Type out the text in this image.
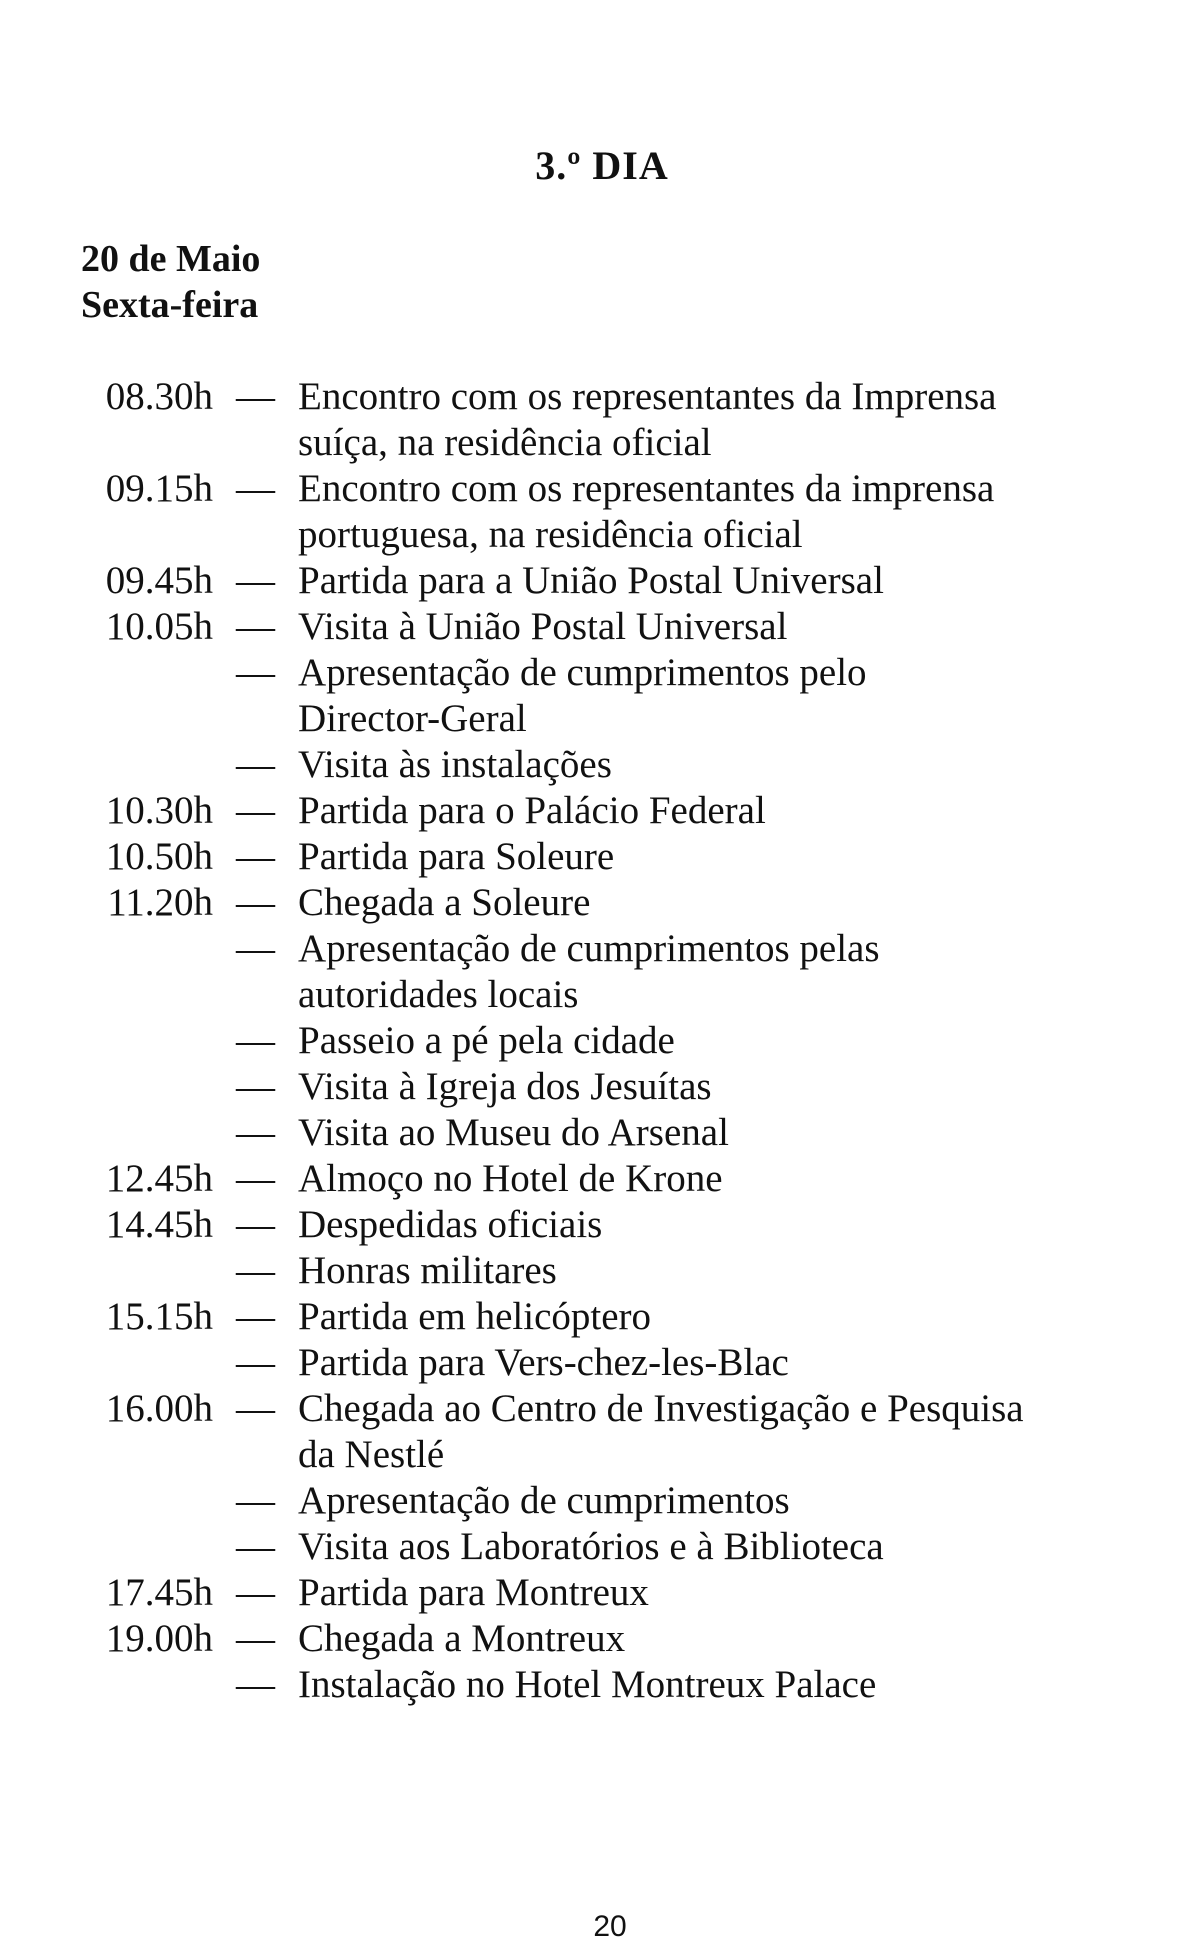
3.º DIA
20 de Maio
Sexta-feira
08.30h — Encontro com os representantes da Imprensa
suíça, na residência oficial
09.15h — Encontro com os representantes da imprensa
portuguesa, na residência oficial
09.45h — Partida para a União Postal Universal
10.05h — Visita à União Postal Universal
— Apresentação de cumprimentos pelo
Director-Geral
— Visita às instalações
10.30h — Partida para o Palácio Federal
10.50h — Partida para Soleure
11.20h — Chegada a Soleure
— Apresentação de cumprimentos pelas
autoridades locais
— Passeio a pé pela cidade
— Visita à Igreja dos Jesuítas
— Visita ao Museu do Arsenal
12.45h — Almoço no Hotel de Krone
14.45h — Despedidas oficiais
— Honras militares
15.15h — Partida em helicóptero
— Partida para Vers-chez-les-Blac
16.00h — Chegada ao Centro de Investigação e Pesquisa
da Nestlé
— Apresentação de cumprimentos
— Visita aos Laboratórios e à Biblioteca
17.45h — Partida para Montreux
19.00h — Chegada a Montreux
— Instalação no Hotel Montreux Palace
20
